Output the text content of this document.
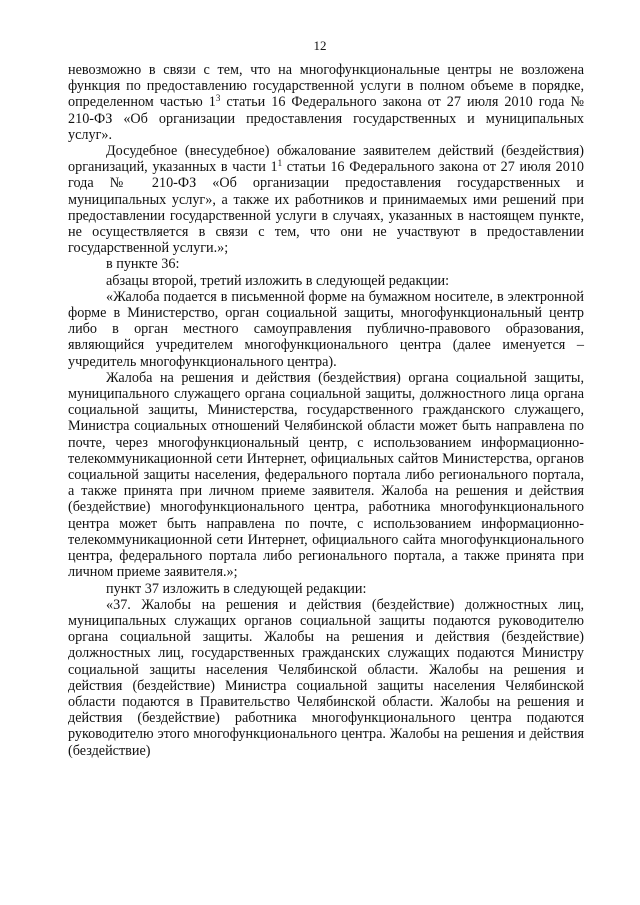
12

невозможно в связи с тем, что на многофункциональные центры не возложена функция по предоставлению государственной услуги в полном объеме в порядке, определенном частью $1^3$ статьи 16 Федерального закона от 27 июля 2010 года № 210-ФЗ «Об организации предоставления государственных и муниципальных услуг».

Досудебное (внесудебное) обжалование заявителем действий (бездействия) организаций, указанных в части $1^1$ статьи 16 Федерального закона от 27 июля 2010 года № 210-ФЗ «Об организации предоставления государственных и муниципальных услуг», а также их работников и принимаемых ими решений при предоставлении государственной услуги в случаях, указанных в настоящем пункте, не осуществляется в связи с тем, что они не участвуют в предоставлении государственной услуги.»;

в пункте 36:

абзацы второй, третий изложить в следующей редакции:

«Жалоба подается в письменной форме на бумажном носителе, в электронной форме в Министерство, орган социальной защиты, многофункциональный центр либо в орган местного самоуправления публично-правового образования, являющийся учредителем многофункционального центра (далее именуется – учредитель многофункционального центра).

Жалоба на решения и действия (бездействия) органа социальной защиты, муниципального служащего органа социальной защиты, должностного лица органа социальной защиты, Министерства, государственного гражданского служащего, Министра социальных отношений Челябинской области может быть направлена по почте, через многофункциональный центр, с использованием информационно-телекоммуникационной сети Интернет, официальных сайтов Министерства, органов социальной защиты населения, федерального портала либо регионального портала, а также принята при личном приеме заявителя. Жалоба на решения и действия (бездействие) многофункционального центра, работника многофункционального центра может быть направлена по почте, с использованием информационно-телекоммуникационной сети Интернет, официального сайта многофункционального центра, федерального портала либо регионального портала, а также принята при личном приеме заявителя.»;

пункт 37 изложить в следующей редакции:

«37. Жалобы на решения и действия (бездействие) должностных лиц, муниципальных служащих органов социальной защиты подаются руководителю органа социальной защиты. Жалобы на решения и действия (бездействие) должностных лиц, государственных гражданских служащих подаются Министру социальной защиты населения Челябинской области. Жалобы на решения и действия (бездействие) Министра социальной защиты населения Челябинской области подаются в Правительство Челябинской области. Жалобы на решения и действия (бездействие) работника многофункционального центра подаются руководителю этого многофункционального центра. Жалобы на решения и действия (бездействие)
